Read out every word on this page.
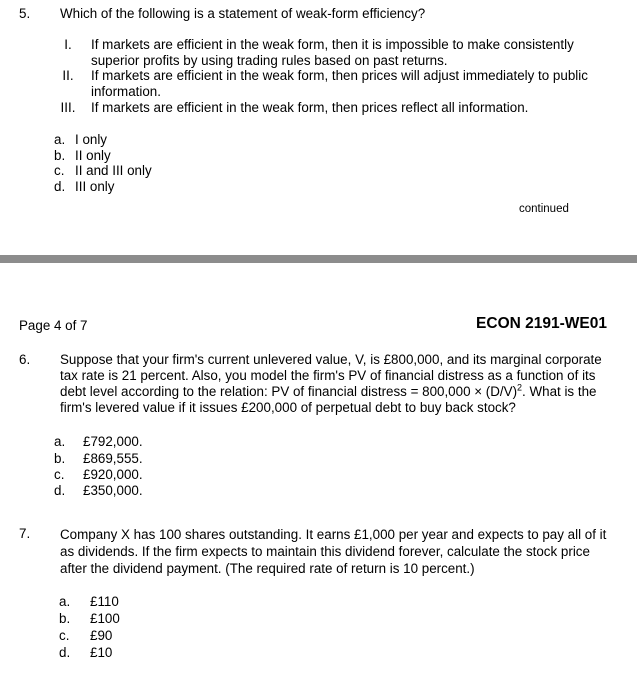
5. Which of the following is a statement of weak-form efficiency?
I.	If markets are efficient in the weak form, then it is impossible to make consistently superior profits by using trading rules based on past returns.
II.	If markets are efficient in the weak form, then prices will adjust immediately to public information.
III. If markets are efficient in the weak form, then prices reflect all information.
a. I only
b. II only
c. II and III only
d. III only
continued
Page 4 of 7	ECON 2191-WE01
6. Suppose that your firm's current unlevered value, V, is £800,000, and its marginal corporate tax rate is 21 percent. Also, you model the firm's PV of financial distress as a function of its debt level according to the relation: PV of financial distress = $800,000 \times (D/V)^2$. What is the firm's levered value if it issues £200,000 of perpetual debt to buy back stock?
a. £792,000.
b. £869,555.
c. £920,000.
d. £350,000.
7. Company X has 100 shares outstanding. It earns £1,000 per year and expects to pay all of it as dividends. If the firm expects to maintain this dividend forever, calculate the stock price after the dividend payment. (The required rate of return is 10 percent.)
a. £110
b. £100
c. £90
d. £10
